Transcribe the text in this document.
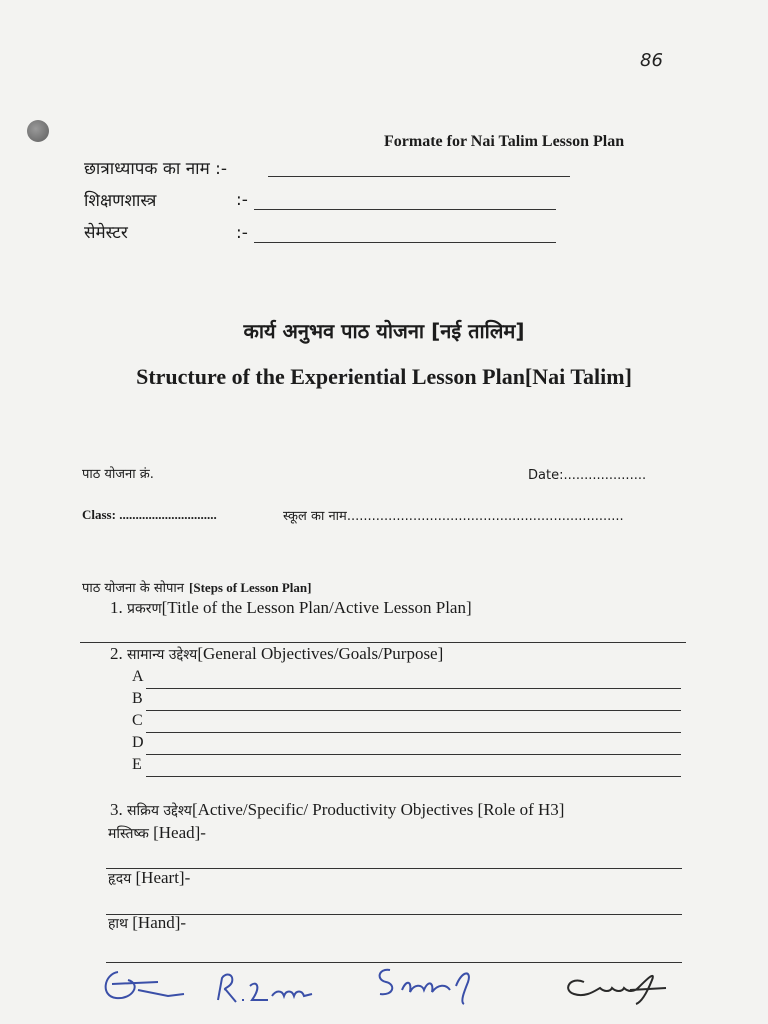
86
Formate for Nai Talim Lesson Plan
छात्राध्यापक का नाम :-
शिक्षणशास्त्र	:-
सेमेस्टर	:-
कार्य अनुभव पाठ योजना [नई तालिम]
Structure of the Experiential Lesson Plan[Nai Talim]
पाठ योजना क्रं.	Date:....................
Class: ..............................	स्कूल का नाम...................................................................
पाठ योजना के सोपान [Steps of Lesson Plan]
1. प्रकरण[Title of the Lesson Plan/Active Lesson Plan]
2. सामान्य उद्देश्य[General Objectives/Goals/Purpose]
A
B
C
D
E
3. सक्रिय उद्देश्य[Active/Specific/ Productivity Objectives [Role of H3]
मस्तिष्क [Head]-
हृदय [Heart]-
हाथ [Hand]-
